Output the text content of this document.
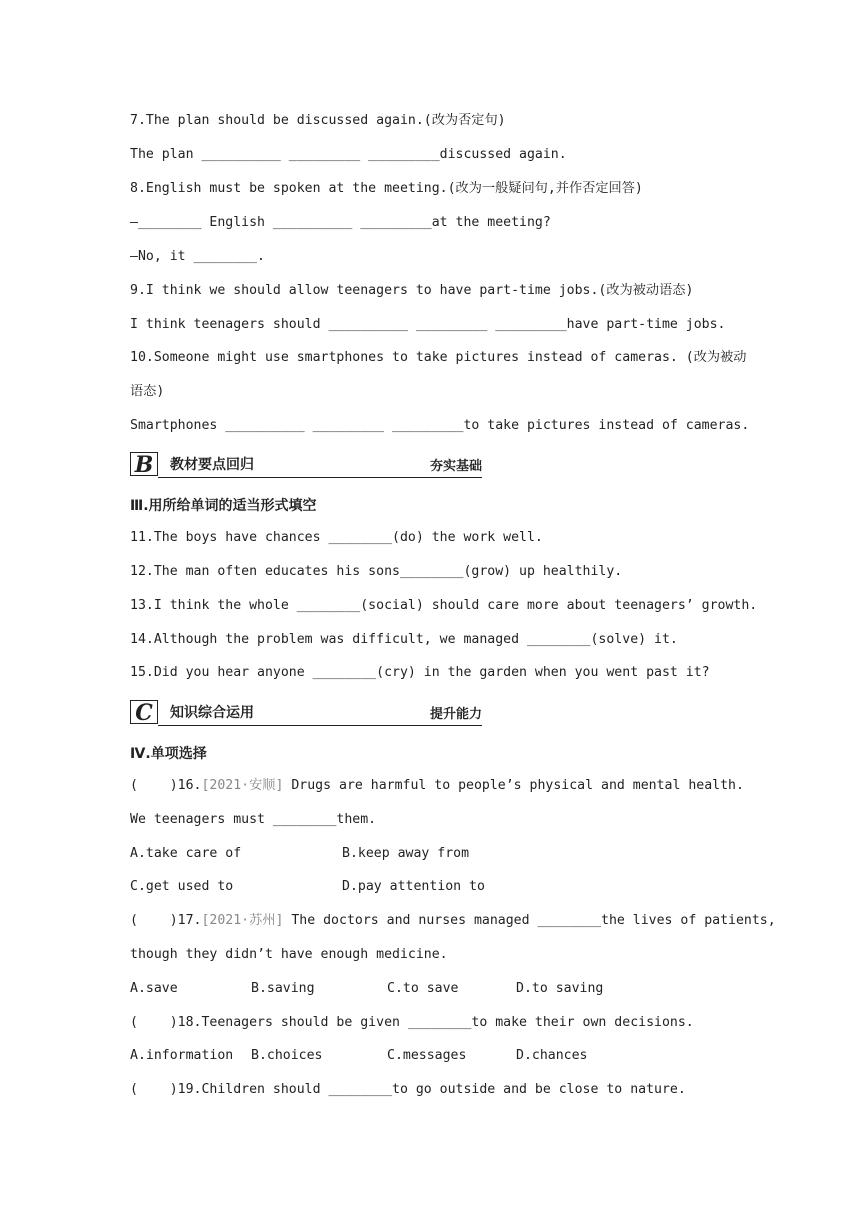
7.The plan should be discussed again.(改为否定句)
The plan __________ _________ _________discussed again.
8.English must be spoken at the meeting.(改为一般疑问句,并作否定回答)
—________ English __________ _________at the meeting?
—No, it ________.
9.I think we should allow teenagers to have part-time jobs.(改为被动语态)
I think teenagers should __________ _________ _________have part-time jobs.
10.Someone might use smartphones to take pictures instead of cameras. (改为被动
语态)
Smartphones __________ _________ _________to take pictures instead of cameras.
B	教材要点回归	夯实基础
Ⅲ.用所给单词的适当形式填空
11.The boys have chances ________(do) the work well.
12.The man often educates his sons________(grow) up healthily.
13.I think the whole ________(social) should care more about teenagers’ growth.
14.Although the problem was difficult, we managed ________(solve) it.
15.Did you hear anyone ________(cry) in the garden when you went past it?
C	知识综合运用	提升能力
Ⅳ.单项选择
(    )16.[2021·安顺] Drugs are harmful to people’s physical and mental health.
We teenagers must ________them.
A.take care of	B.keep away from
C.get used to	D.pay attention to
(    )17.[2021·苏州] The doctors and nurses managed ________the lives of patients,
though they didn’t have enough medicine.
A.save	B.saving	C.to save	D.to saving
(    )18.Teenagers should be given ________to make their own decisions.
A.information B.choices	C.messages	D.chances
(    )19.Children should ________to go outside and be close to nature.
